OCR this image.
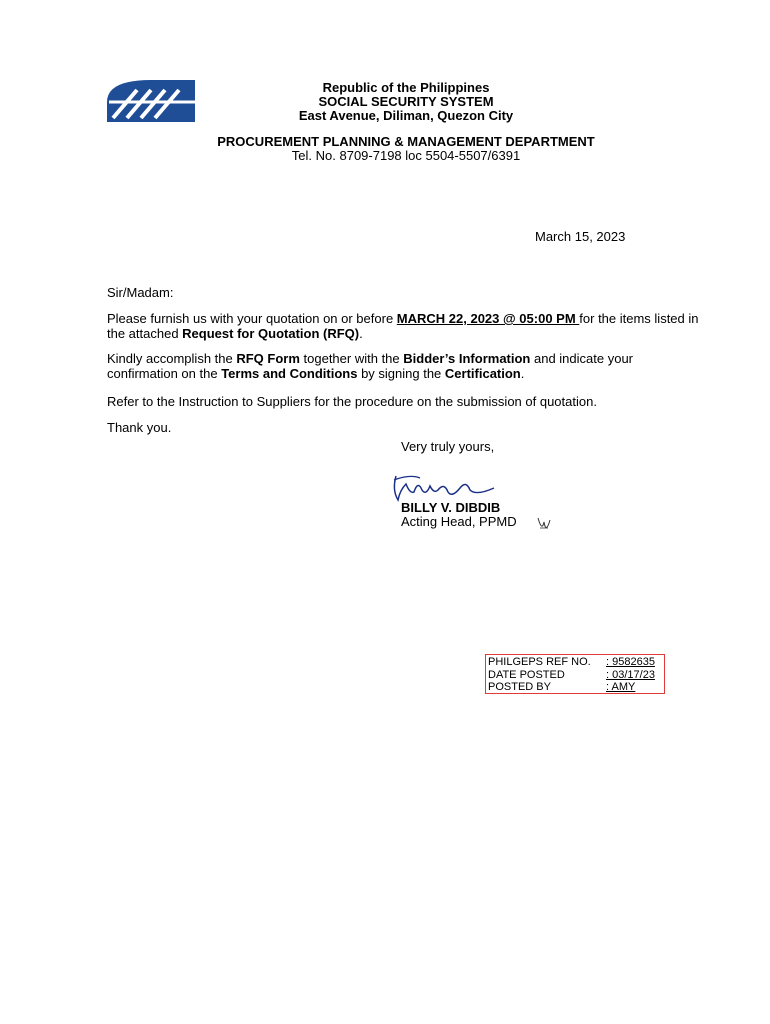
Republic of the Philippines
SOCIAL SECURITY SYSTEM
East Avenue, Diliman, Quezon City
PROCUREMENT PLANNING & MANAGEMENT DEPARTMENT
Tel. No. 8709-7198 loc 5504-5507/6391
March 15, 2023
Sir/Madam:
Please furnish us with your quotation on or before MARCH 22, 2023 @ 05:00 PM for the items listed in the attached Request for Quotation (RFQ).
Kindly accomplish the RFQ Form together with the Bidder’s Information and indicate your confirmation on the Terms and Conditions by signing the Certification.
Refer to the Instruction to Suppliers for the procedure on the submission of quotation.
Thank you.
Very truly yours,
BILLY V. DIBDIB
Acting Head, PPMD
PHILGEPS REF NO.	: 9582635
DATE POSTED	: 03/17/23
POSTED BY	: AMY
